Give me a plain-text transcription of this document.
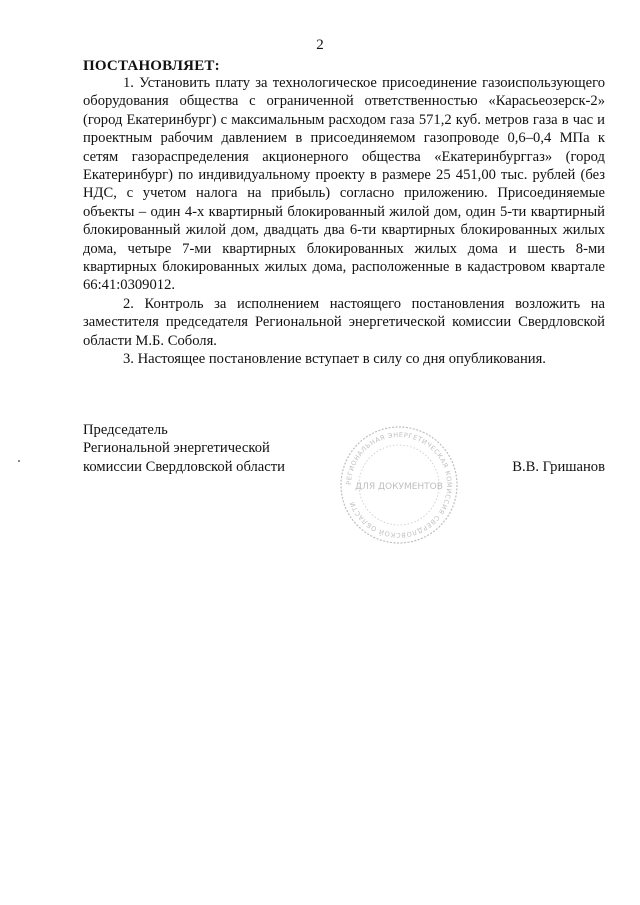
2
ПОСТАНОВЛЯЕТ:

1. Установить плату за технологическое присоединение газоиспользующего оборудования общества с ограниченной ответственностью «Карасьеозерск-2» (город Екатеринбург) с максимальным расходом газа 571,2 куб. метров газа в час и проектным рабочим давлением в присоединяемом газопроводе 0,6–0,4 МПа к сетям газораспределения акционерного общества «Екатеринбурггаз» (город Екатеринбург) по индивидуальному проекту в размере 25 451,00 тыс. рублей (без НДС, с учетом налога на прибыль) согласно приложению. Присоединяемые объекты – один 4-х квартирный блокированный жилой дом, один 5-ти квартирный блокированный жилой дом, двадцать два 6-ти квартирных блокированных жилых дома, четыре 7-ми квартирных блокированных жилых дома и шесть 8-ми квартирных блокированных жилых дома, расположенные в кадастровом квартале 66:41:0309012.

2. Контроль за исполнением настоящего постановления возложить на заместителя председателя Региональной энергетической комиссии Свердловской области М.Б. Соболя.

3. Настоящее постановление вступает в силу со дня опубликования.

Председатель
Региональной энергетической
комиссии Свердловской области	В.В. Гришанов
РЕГИОНАЛЬНАЯ ЭНЕРГЕТИЧЕСКАЯ КОМИССИЯ СВЕРДЛОВСКОЙ ОБЛАСТИ
ДЛЯ ДОКУМЕНТОВ
